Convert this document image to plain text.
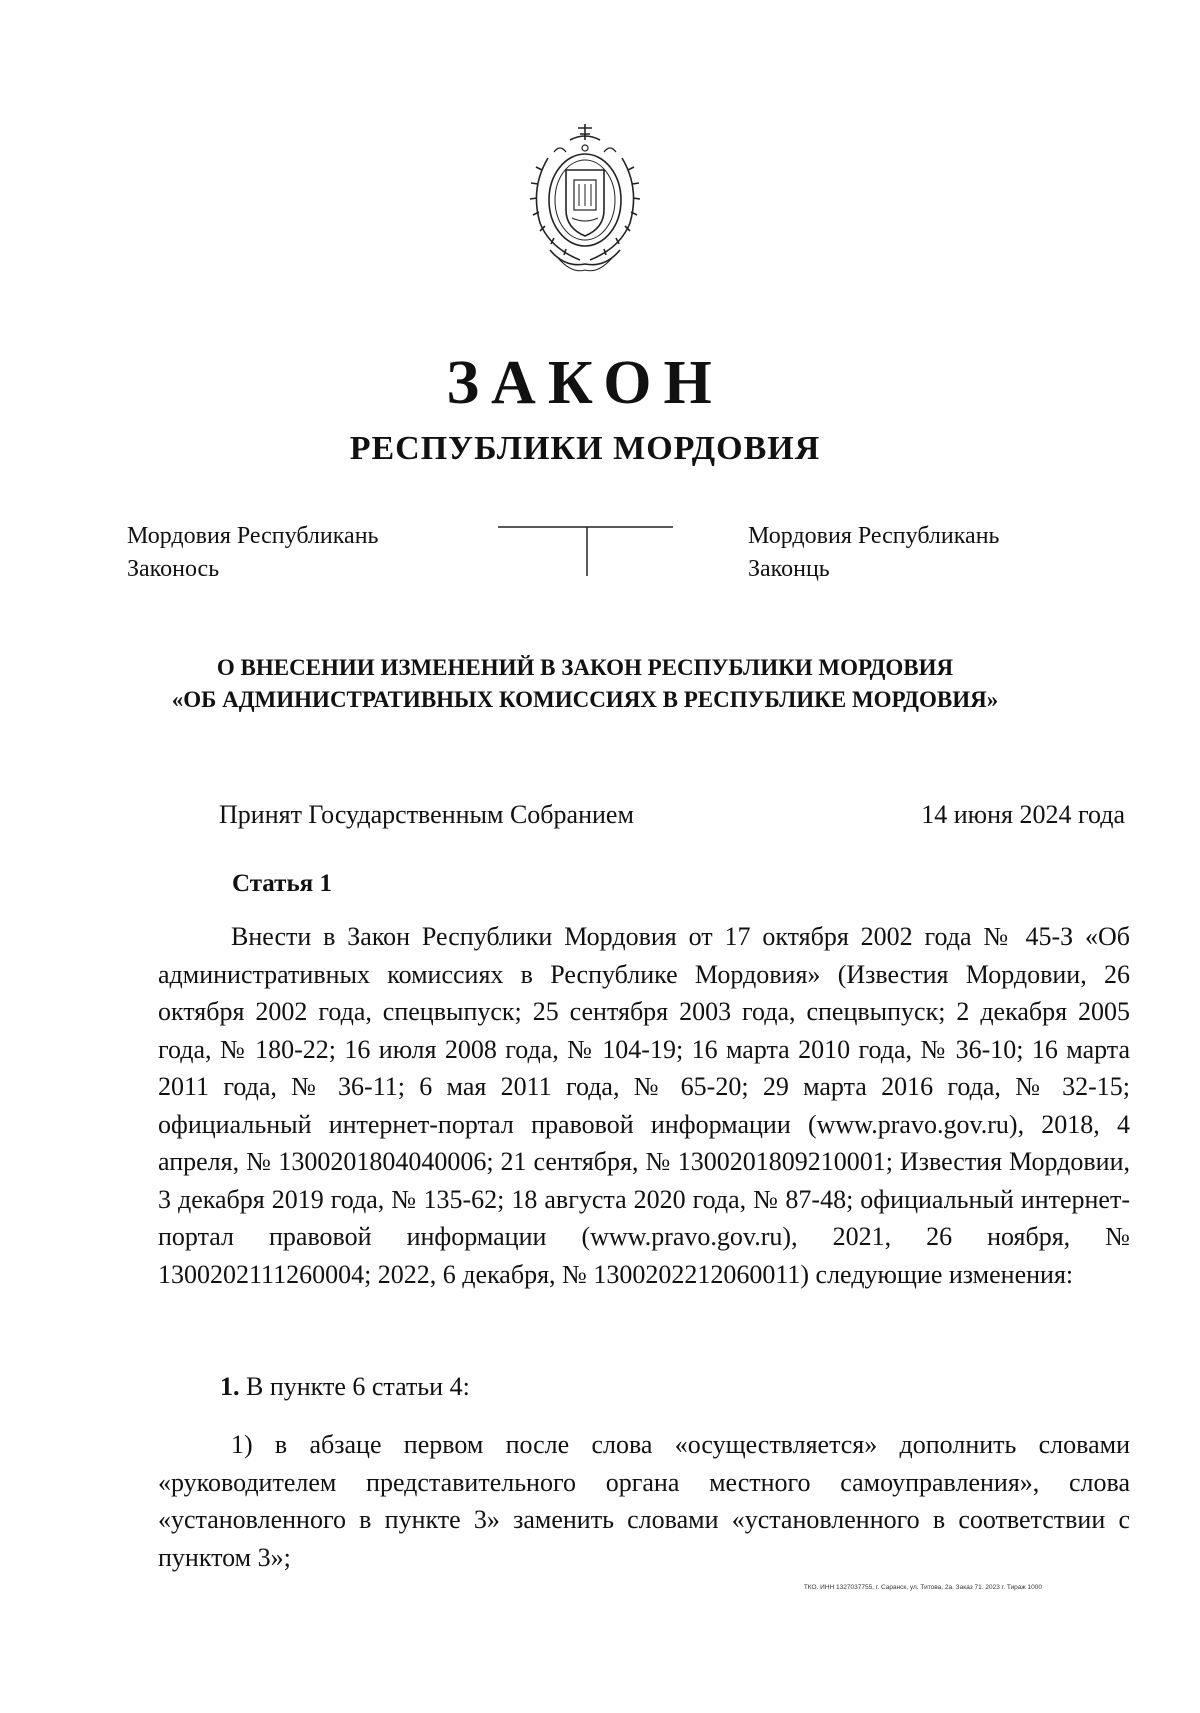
ЗАКОН
РЕСПУБЛИКИ МОРДОВИЯ
Мордовия Республикань
Законось
Мордовия Республикань
Законць
О ВНЕСЕНИИ ИЗМЕНЕНИЙ В ЗАКОН РЕСПУБЛИКИ МОРДОВИЯ
«ОБ АДМИНИСТРАТИВНЫХ КОМИССИЯХ В РЕСПУБЛИКЕ МОРДОВИЯ»
Принят Государственным Собранием	14 июня 2024 года
Статья 1

Внести в Закон Республики Мордовия от 17 октября 2002 года № 45-З «Об административных комиссиях в Республике Мордовия» (Известия Мордовии, 26 октября 2002 года, спецвыпуск; 25 сентября 2003 года, спецвыпуск; 2 декабря 2005 года, № 180-22; 16 июля 2008 года, № 104-19; 16 марта 2010 года, № 36-10; 16 марта 2011 года, № 36-11; 6 мая 2011 года, № 65-20; 29 марта 2016 года, № 32-15; официальный интернет-портал правовой информации (www.pravo.gov.ru), 2018, 4 апреля, № 1300201804040006; 21 сентября, № 1300201809210001; Известия Мордовии, 3 декабря 2019 года, № 135-62; 18 августа 2020 года, № 87-48; официальный интернет-портал правовой информации (www.pravo.gov.ru), 2021, 26 ноября, № 1300202111260004; 2022, 6 декабря, № 1300202212060011) следующие изменения:

1. В пункте 6 статьи 4:

1) в абзаце первом после слова «осуществляется» дополнить словами «руководителем представительного органа местного самоуправления», слова «установленного в пункте 3» заменить словами «установленного в соответствии с пунктом 3»;

ТКО. ИНН 1327037755, г. Саранск, ул. Титова, 2а. Заказ 71. 2023 г. Тираж 1000
